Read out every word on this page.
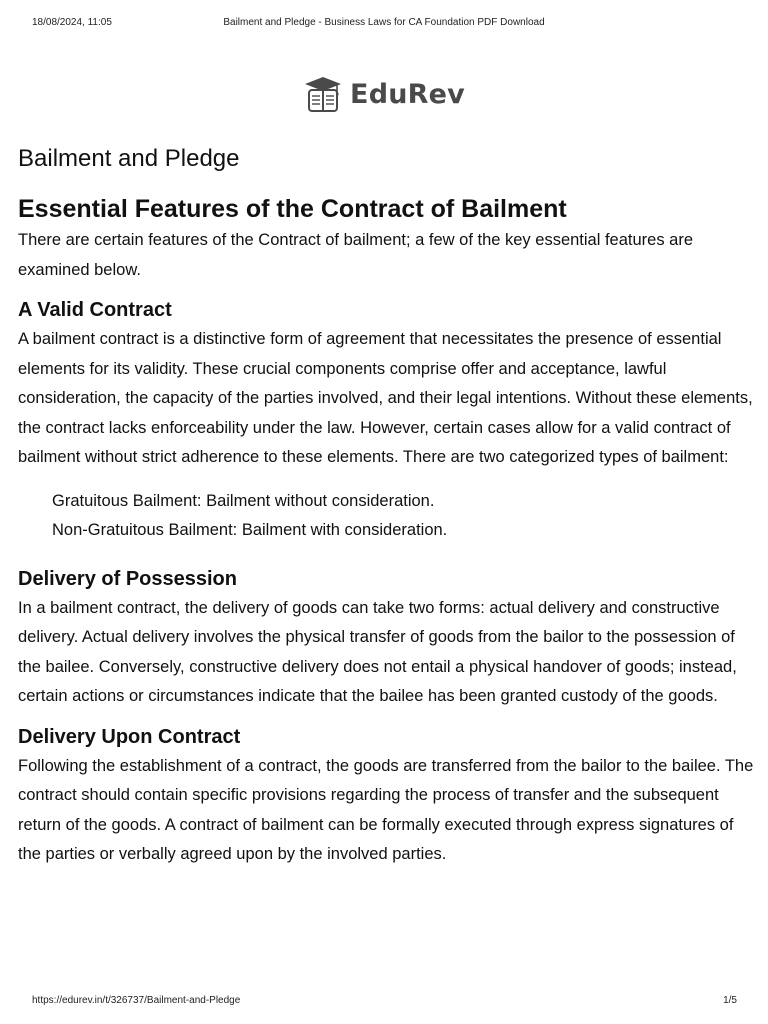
18/08/2024, 11:05	Bailment and Pledge - Business Laws for CA Foundation PDF Download
EduRev
Bailment and Pledge
Essential Features of the Contract of Bailment

There are certain features of the Contract of bailment; a few of the key essential features are examined below.

A Valid Contract

A bailment contract is a distinctive form of agreement that necessitates the presence of essential elements for its validity. These crucial components comprise offer and acceptance, lawful consideration, the capacity of the parties involved, and their legal intentions. Without these elements, the contract lacks enforceability under the law. However, certain cases allow for a valid contract of bailment without strict adherence to these elements. There are two categorized types of bailment:

Gratuitous Bailment: Bailment without consideration.
Non-Gratuitous Bailment: Bailment with consideration.
Delivery of Possession

In a bailment contract, the delivery of goods can take two forms: actual delivery and constructive delivery. Actual delivery involves the physical transfer of goods from the bailor to the possession of the bailee. Conversely, constructive delivery does not entail a physical handover of goods; instead, certain actions or circumstances indicate that the bailee has been granted custody of the goods.

Delivery Upon Contract

Following the establishment of a contract, the goods are transferred from the bailor to the bailee. The contract should contain specific provisions regarding the process of transfer and the subsequent return of the goods. A contract of bailment can be formally executed through express signatures of the parties or verbally agreed upon by the involved parties.

https://edurev.in/t/326737/Bailment-and-Pledge	1/5
